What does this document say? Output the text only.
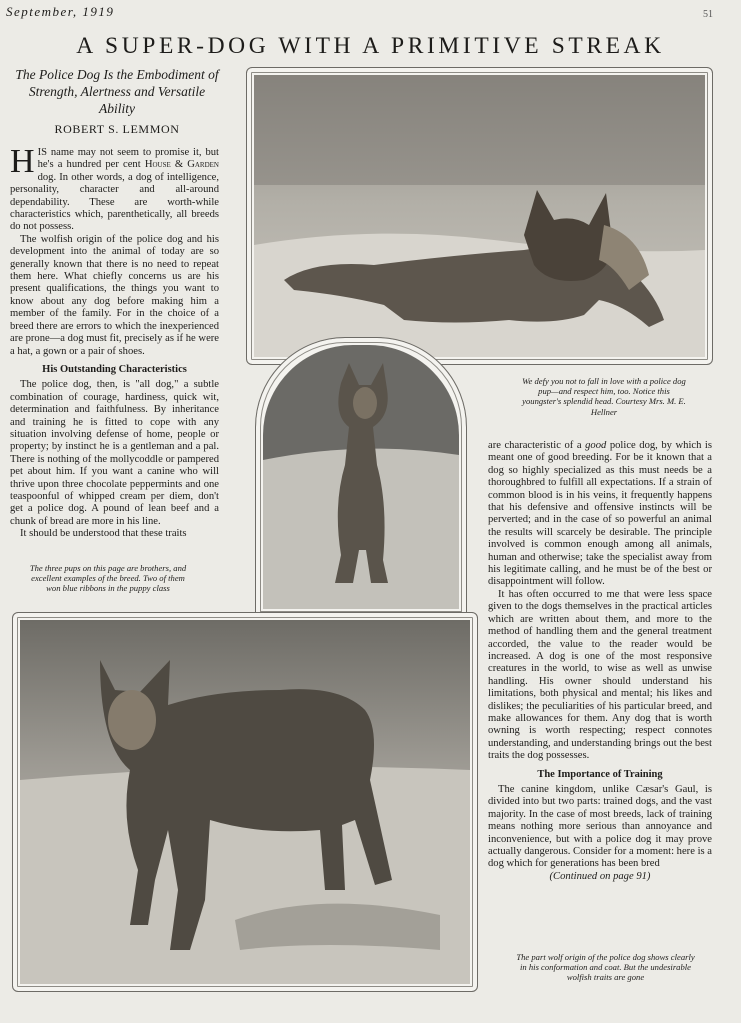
September, 1919	51
A SUPER-DOG WITH A PRIMITIVE STREAK
The Police Dog Is the Embodiment of Strength, Alertness and Versatile Ability
ROBERT S. LEMMON

HIS name may not seem to promise it, but he's a hundred per cent House & Garden dog. In other words, a dog of intelligence, personality, character and all-around dependability. These are worth-while characteristics which, parenthetically, all breeds do not possess.

The wolfish origin of the police dog and his development into the animal of today are so generally known that there is no need to repeat them here. What chiefly concerns us are his present qualifications, the things you want to know about any dog before making him a member of the family. For in the choice of a breed there are errors to which the inexperienced are prone—a dog must fit, precisely as if he were a hat, a gown or a pair of shoes.

His Outstanding Characteristics

The police dog, then, is "all dog," a subtle combination of courage, hardiness, quick wit, determination and faithfulness. By inheritance and training he is fitted to cope with any situation involving defense of home, people or property; by instinct he is a gentleman and a pal. There is nothing of the mollycoddle or pampered pet about him. If you want a canine who will thrive upon three chocolate peppermints and one teaspoonful of whipped cream per diem, don't get a police dog. A pound of lean beef and a chunk of bread are more in his line.

It should be understood that these traits

The three pups on this page are brothers, and excellent examples of the breed. Two of them won blue ribbons in the puppy class
We defy you not to fall in love with a police dog pup—and respect him, too. Notice this youngster's splendid head. Courtesy Mrs. M. E. Hellner

are characteristic of a good police dog, by which is meant one of good breeding. For be it known that a dog so highly specialized as this must needs be a thoroughbred to fulfill all expectations. If a strain of common blood is in his veins, it frequently happens that his defensive and offensive instincts will be perverted; and in the case of so powerful an animal the results will scarcely be desirable. The principle involved is common enough among all animals, human and otherwise; take the specialist away from his legitimate calling, and he must be of the best or disappointment will follow.

It has often occurred to me that were less space given to the dogs themselves in the practical articles which are written about them, and more to the method of handling them and the general treatment accorded, the value to the reader would be increased. A dog is one of the most responsive creatures in the world, to wise as well as unwise handling. His owner should understand his limitations, both physical and mental; his likes and dislikes; the peculiarities of his particular breed, and make allowances for them. Any dog that is worth owning is worth respecting; respect connotes understanding, and understanding brings out the best traits the dog possesses.

The Importance of Training

The canine kingdom, unlike Cæsar's Gaul, is divided into but two parts: trained dogs, and the vast majority. In the case of most breeds, lack of training means nothing more serious than annoyance and inconvenience, but with a police dog it may prove actually dangerous. Consider for a moment: here is a dog which for generations has been bred

(Continued on page 91)

The part wolf origin of the police dog shows clearly in his conformation and coat. But the undesirable wolfish traits are gone
